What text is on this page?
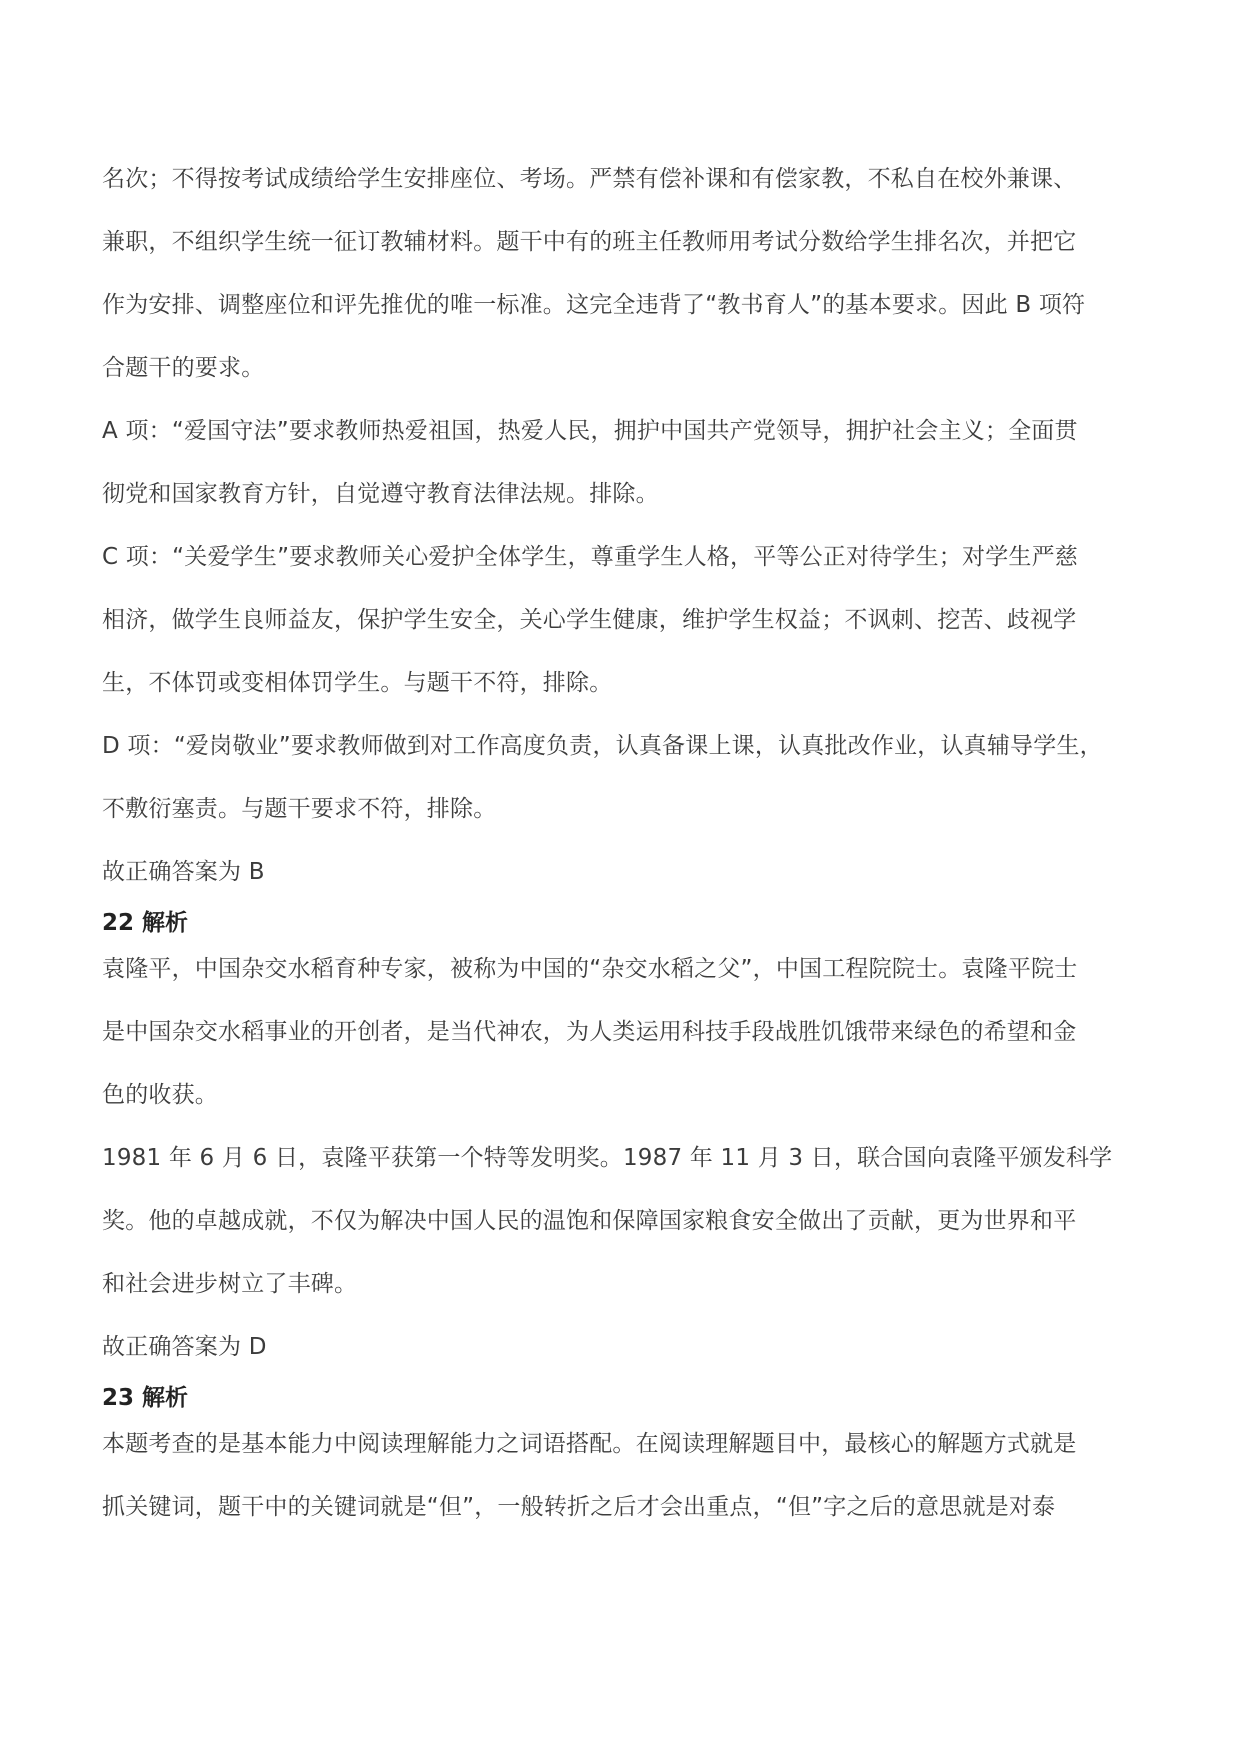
名次；不得按考试成绩给学生安排座位、考场。严禁有偿补课和有偿家教，不私自在校外兼课、
兼职，不组织学生统一征订教辅材料。题干中有的班主任教师用考试分数给学生排名次，并把它
作为安排、调整座位和评先推优的唯一标准。这完全违背了“教书育人”的基本要求。因此 B 项符
合题干的要求。

A 项：“爱国守法”要求教师热爱祖国，热爱人民，拥护中国共产党领导，拥护社会主义；全面贯
彻党和国家教育方针，自觉遵守教育法律法规。排除。

C 项：“关爱学生”要求教师关心爱护全体学生，尊重学生人格，平等公正对待学生；对学生严慈
相济，做学生良师益友，保护学生安全，关心学生健康，维护学生权益；不讽刺、挖苦、歧视学
生，不体罚或变相体罚学生。与题干不符，排除。

D 项：“爱岗敬业”要求教师做到对工作高度负责，认真备课上课，认真批改作业，认真辅导学生，
不敷衍塞责。与题干要求不符，排除。

故正确答案为 B

22 解析

袁隆平，中国杂交水稻育种专家，被称为中国的“杂交水稻之父”，中国工程院院士。袁隆平院士
是中国杂交水稻事业的开创者，是当代神农，为人类运用科技手段战胜饥饿带来绿色的希望和金
色的收获。

1981 年 6 月 6 日，袁隆平获第一个特等发明奖。1987 年 11 月 3 日，联合国向袁隆平颁发科学
奖。他的卓越成就，不仅为解决中国人民的温饱和保障国家粮食安全做出了贡献，更为世界和平
和社会进步树立了丰碑。

故正确答案为 D

23 解析

本题考查的是基本能力中阅读理解能力之词语搭配。在阅读理解题目中，最核心的解题方式就是
抓关键词，题干中的关键词就是“但”，一般转折之后才会出重点，“但”字之后的意思就是对泰
